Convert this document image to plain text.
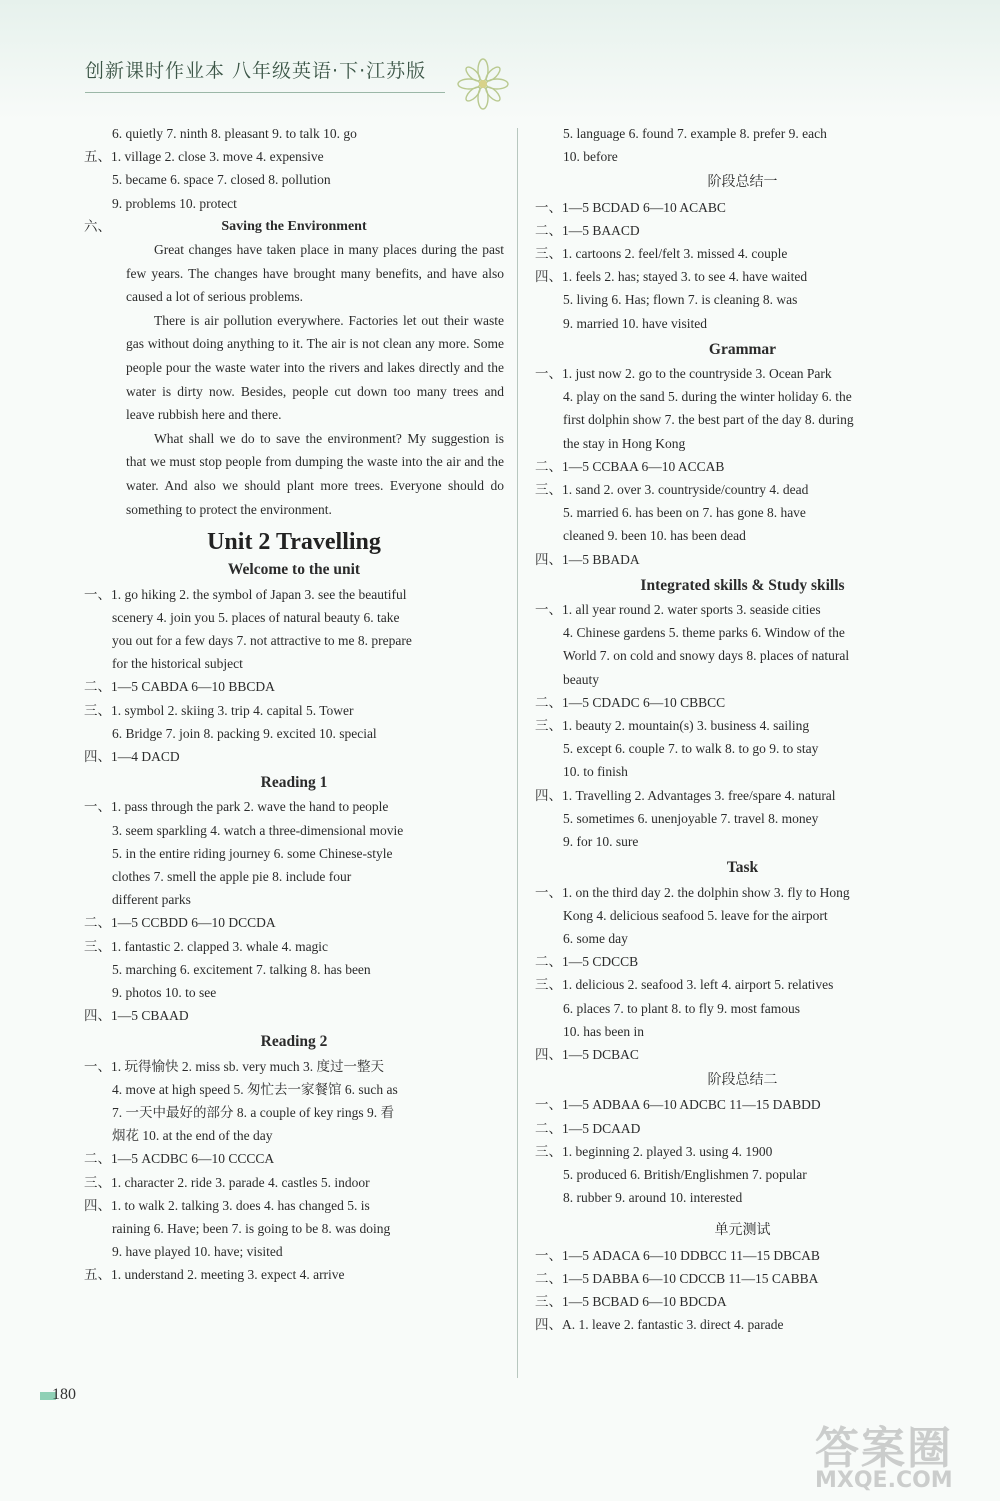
创新课时作业本 八年级英语·下·江苏版
6. quietly 7. ninth 8. pleasant 9. to talk 10. go
五、1. village 2. close 3. move 4. expensive
5. became 6. space 7. closed 8. pollution
9. problems 10. protect
六、	Saving the Environment
Great changes have taken place in many places during the past few years. The changes have brought many benefits, and have also caused a lot of serious problems.
There is air pollution everywhere. Factories let out their waste gas without doing anything to it. The air is not clean any more. Some people pour the waste water into the rivers and lakes directly and the water is dirty now. Besides, people cut down too many trees and leave rubbish here and there.
What shall we do to save the environment? My suggestion is that we must stop people from dumping the waste into the air and the water. And also we should plant more trees. Everyone should do something to protect the environment.
Unit 2 Travelling
Welcome to the unit
一、1. go hiking 2. the symbol of Japan 3. see the beautiful
scenery 4. join you 5. places of natural beauty 6. take
you out for a few days 7. not attractive to me 8. prepare
for the historical subject
二、1—5 CABDA 6—10 BBCDA
三、1. symbol 2. skiing 3. trip 4. capital 5. Tower
6. Bridge 7. join 8. packing 9. excited 10. special
四、1—4 DACD
Reading 1
一、1. pass through the park 2. wave the hand to people
3. seem sparkling 4. watch a three-dimensional movie
5. in the entire riding journey 6. some Chinese-style
clothes 7. smell the apple pie 8. include four
different parks
二、1—5 CCBDD 6—10 DCCDA
三、1. fantastic 2. clapped 3. whale 4. magic
5. marching 6. excitement 7. talking 8. has been
9. photos 10. to see
四、1—5 CBAAD
Reading 2
一、1. 玩得愉快 2. miss sb. very much 3. 度过一整天
4. move at high speed 5. 匆忙去一家餐馆 6. such as
7. 一天中最好的部分 8. a couple of key rings 9. 看
烟花 10. at the end of the day
二、1—5 ACDBC 6—10 CCCCA
三、1. character 2. ride 3. parade 4. castles 5. indoor
四、1. to walk 2. talking 3. does 4. has changed 5. is
raining 6. Have; been 7. is going to be 8. was doing
9. have played 10. have; visited
五、1. understand 2. meeting 3. expect 4. arrive
5. language 6. found 7. example 8. prefer 9. each
10. before
阶段总结一
一、1—5 BCDAD 6—10 ACABC
二、1—5 BAACD
三、1. cartoons 2. feel/felt 3. missed 4. couple
四、1. feels 2. has; stayed 3. to see 4. have waited
5. living 6. Has; flown 7. is cleaning 8. was
9. married 10. have visited
Grammar
一、1. just now 2. go to the countryside 3. Ocean Park
4. play on the sand 5. during the winter holiday 6. the
first dolphin show 7. the best part of the day 8. during
the stay in Hong Kong
二、1—5 CCBAA 6—10 ACCAB
三、1. sand 2. over 3. countryside/country 4. dead
5. married 6. has been on 7. has gone 8. have
cleaned 9. been 10. has been dead
四、1—5 BBADA
Integrated skills & Study skills
一、1. all year round 2. water sports 3. seaside cities
4. Chinese gardens 5. theme parks 6. Window of the
World 7. on cold and snowy days 8. places of natural
beauty
二、1—5 CDADC 6—10 CBBCC
三、1. beauty 2. mountain(s) 3. business 4. sailing
5. except 6. couple 7. to walk 8. to go 9. to stay
10. to finish
四、1. Travelling 2. Advantages 3. free/spare 4. natural
5. sometimes 6. unenjoyable 7. travel 8. money
9. for 10. sure
Task
一、1. on the third day 2. the dolphin show 3. fly to Hong
Kong 4. delicious seafood 5. leave for the airport
6. some day
二、1—5 CDCCB
三、1. delicious 2. seafood 3. left 4. airport 5. relatives
6. places 7. to plant 8. to fly 9. most famous
10. has been in
四、1—5 DCBAC
阶段总结二
一、1—5 ADBAA 6—10 ADCBC 11—15 DABDD
二、1—5 DCAAD
三、1. beginning 2. played 3. using 4. 1900
5. produced 6. British/Englishmen 7. popular
8. rubber 9. around 10. interested
单元测试
一、1—5 ADACA 6—10 DDBCC 11—15 DBCAB
二、1—5 DABBA 6—10 CDCCB 11—15 CABBA
三、1—5 BCBAD 6—10 BDCDA
四、A. 1. leave 2. fantastic 3. direct 4. parade
180
答案圈
MXQE.COM
